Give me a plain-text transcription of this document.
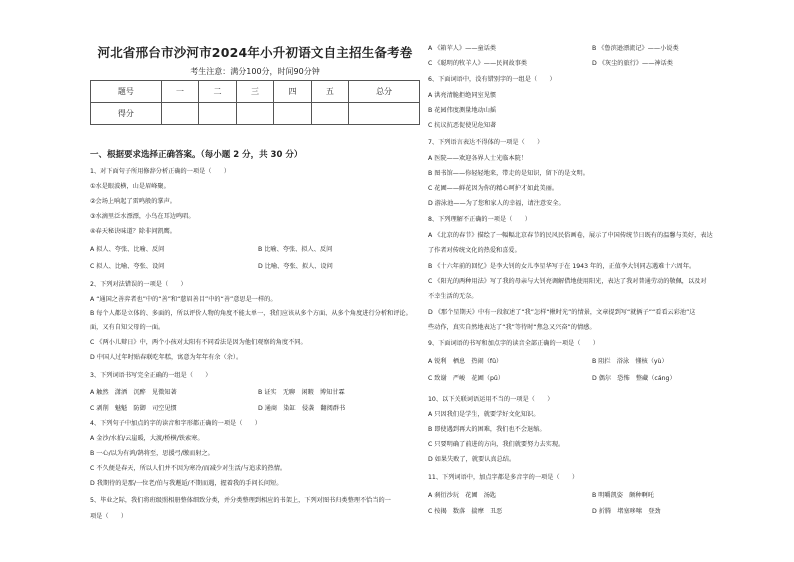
河北省邢台市沙河市2024年小升初语文自主招生备考卷
考生注意：满分100分，时间90分钟
题号	一	二	三	四	五	总分
得分						
一、根据要求选择正确答案。（每小题 2 分，共 30 分）
1、对下面句子所用修辞分析正确的一项是（　　）
①水是眼波横，山是眉峰聚。
②会场上响起了雷鸣般的掌声。
③水滴里泛水漂漂，小鸟在耳边鸣唱。
④春天秘诀味道？除非问凯鹰。
2、下列对法错误的一项是（　　）
A “通国之善弈者也”中的“善”和“慈眉善目”中的“善”意思是一样的。
B 每个人都是立体的、多面的，所以评价人物的角度不能太单一，我们应该从多个方面、从多个角度进行分析和评论。
面，又有自知父母的一面。
C 《两小儿辩日》中，两个小孩对太阳有不同看法是因为他们观察的角度不同。
D 中国人过年时贴春联吃年糕，寓意为年年有余（余）。
3、下列词语书写完全正确的一组是（　　）
4、下列句子中加点的字的读音和字形都正确的一项是（　　）
A 金沙/水拍/云崖暖，大渡/桥横/铁索寒。
B 一心/以为有鸿/鹄将至，思援弓/缴而射之。
C 不久便是春天，所以人们并不因为寒冷/而减少对生活/与追求的热情。
D 我期待的是那/一位老/伯与我邂逅/不期而遇，握着我的手问长问短。
5、毕业之际，我们将班级照相册整体细致分类，并分类整理到相应的书架上，下列对图书归类整理不恰当的一
项是（　　）
A 拟人、夸张、比喻、反问	B 比喻、夸张、拟人、反问
C 拟人、比喻、夸张、设问	D 比喻、夸张、拟人、设问
A 触然　潇洒　沉醉　见微知著	B 证实　无聊　闲暇　博知甘霖
C 剥削　魅魁　防御　司空见惯	D 通商　染缸　侵袭　翻阅群书
A 《箱苹人》——童话类	B 《鲁滨逊漂流记》——小说类
C 《聪明的牧羊人》——民间故事类	D 《灰尘的旅行》——神话类
6、下面词语中，没有错别字的一组是（　　）
A 洪亮清脆拒绝同室见惯
B 花园伟度测量地动山摇
C 抗议抗恶促使见危知著
7、下列语言表达不得体的一项是（　　）
A 医院——欢迎各界人士光临本院！
B 图书馆——你轻轻地来，带走的是知识，留下的是文明。
C 花圃——鲜花因为你的精心呵护才如此美丽。
D 游泳池——为了您和家人的幸福，请注意安全。
8、下列理解不正确的一项是（　　）
A 《北京的春节》描绘了一幅幅北京春节的民风民俗画卷，展示了中国传统节日既有的温馨与美好，表达
了作者对传统文化的热爱和喜爱。
B 《十六年前的回忆》是李大钊的女儿李星华写于在 1943 年的，正值李大钊同志遇难十六周年。
C 《阳光的两种用法》写了我的母亲与大钊亮调解借地使用阳光，表达了我对普通劳动的敬佩，以及对
不幸生活的无奈。
D 《那个星期天》中有一段叙述了“我”怎样“揪时光”的情景，文章提到写“就俩子”“看看云彩池”这
些动作，真实自然地表达了“我”等待时“焦急又兴奋”的情感。
9、下面词语的书写和加点字的读音全部正确的一项是（　　）
10、以下关联词语运用不当的一项是（　　）
A 只因我们是学生，就要学好文化知识。
B 即使遇到再大的困难，我们也不会退缩。
C 只要明确了前进的方向，我们就要努力去实现。
D 如果失败了，就要认真总结。
11、下列词语中，加点字都是多音字的一项是（　　）
A 锐利　栖息　热闹（fǔ）	B 阻拦　浴泳　懂核（yù）
C 致谢　严峻　花圃（pǔ）	D 偶尔　恐怖　整藏（cáng）
A 刹衍沙玩　花圃　汤匙	B 明嚼凯姿　颇种啊吒
C 按揭　数落　揣摩　丑恶	D 折腾　堵塞哆嗦　登劲
